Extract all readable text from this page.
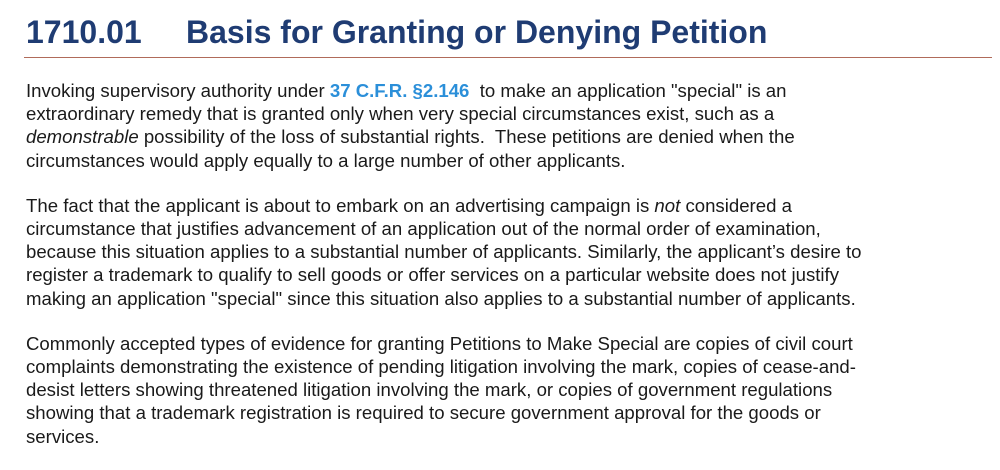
1710.01 Basis for Granting or Denying Petition

Invoking supervisory authority under 37 C.F.R. §2.146  to make an application "special" is an
extraordinary remedy that is granted only when very special circumstances exist, such as a
demonstrable possibility of the loss of substantial rights.  These petitions are denied when the
circumstances would apply equally to a large number of other applicants.

The fact that the applicant is about to embark on an advertising campaign is not considered a
circumstance that justifies advancement of an application out of the normal order of examination,
because this situation applies to a substantial number of applicants. Similarly, the applicant’s desire to
register a trademark to qualify to sell goods or offer services on a particular website does not justify
making an application "special" since this situation also applies to a substantial number of applicants.

Commonly accepted types of evidence for granting Petitions to Make Special are copies of civil court
complaints demonstrating the existence of pending litigation involving the mark, copies of cease-and-
desist letters showing threatened litigation involving the mark, or copies of government regulations
showing that a trademark registration is required to secure government approval for the goods or
services.
